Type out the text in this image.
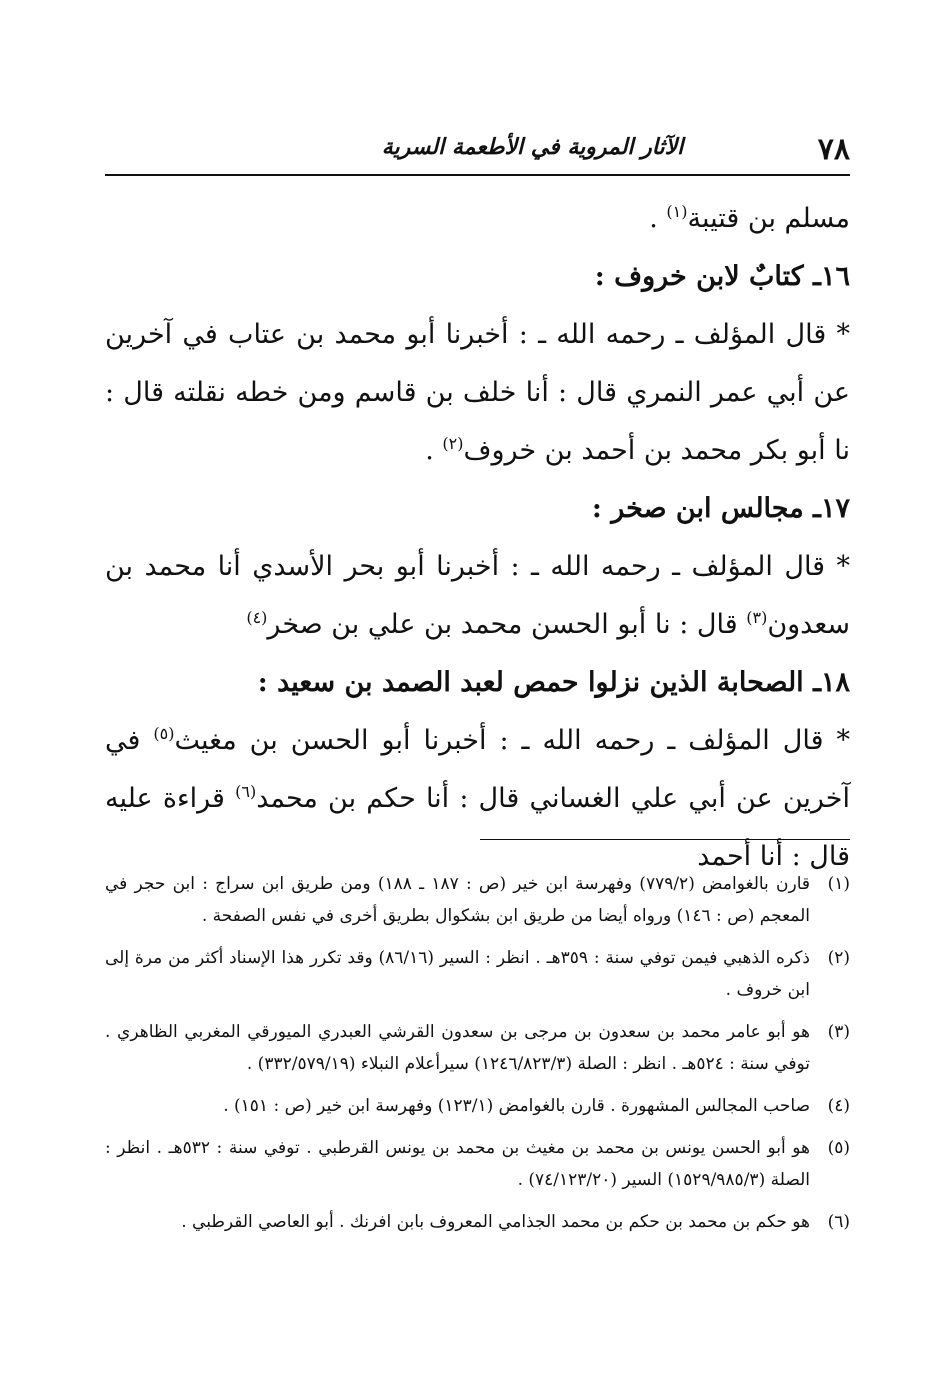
٧٨
الآثار المروية في الأطعمة السرية

مسلم بن قتيبة$^{(١)}$ .

١٦ـ كتابٌ لابن خروف :

* قال المؤلف ـ رحمه الله ـ : أخبرنا أبو محمد بن عتاب في آخرين عن أبي عمر النمري قال : أنا خلف بن قاسم ومن خطه نقلته قال : نا أبو بكر محمد بن أحمد بن خروف$^{(٢)}$ .

١٧ـ مجالس ابن صخر :

* قال المؤلف ـ رحمه الله ـ : أخبرنا أبو بحر الأسدي أنا محمد بن سعدون$^{(٣)}$ قال : نا أبو الحسن محمد بن علي بن صخر$^{(٤)}$

١٨ـ الصحابة الذين نزلوا حمص لعبد الصمد بن سعيد :

* قال المؤلف ـ رحمه الله ـ : أخبرنا أبو الحسن بن مغيث$^{(٥)}$ في آخرين عن أبي علي الغساني قال : أنا حكم بن محمد$^{(٦)}$ قراءة عليه قال : أنا أحمد

(١)
قارن بالغوامض (٧٧٩/٢) وفهرسة ابن خير (ص : ١٨٧ ـ ١٨٨) ومن طريق ابن سراج : ابن حجر في المعجم (ص : ١٤٦) ورواه أيضا من طريق ابن بشكوال بطريق أخرى في نفس الصفحة .
(٢)
ذكره الذهبي فيمن توفي سنة : ٣٥٩هـ . انظر : السير (٨٦/١٦) وقد تكرر هذا الإسناد أكثر من مرة إلى ابن خروف .
(٣)
هو أبو عامر محمد بن سعدون بن مرجى بن سعدون القرشي العبدري الميورقي المغربي الظاهري . توفي سنة : ٥٢٤هـ . انظر : الصلة (١٢٤٦/٨٢٣/٣) سيرأعلام النبلاء (٣٣٢/٥٧٩/١٩) .
(٤)
صاحب المجالس المشهورة . قارن بالغوامض (١٢٣/١) وفهرسة ابن خير (ص : ١٥١) .
(٥)
هو أبو الحسن يونس بن محمد بن مغيث بن محمد بن يونس القرطبي . توفي سنة : ٥٣٢هـ . انظر : الصلة (١٥٢٩/٩٨٥/٣) السير (٧٤/١٢٣/٢٠) .
(٦)
هو حكم بن محمد بن حكم بن محمد الجذامي المعروف بابن افرنك . أبو العاصي القرطبي .
